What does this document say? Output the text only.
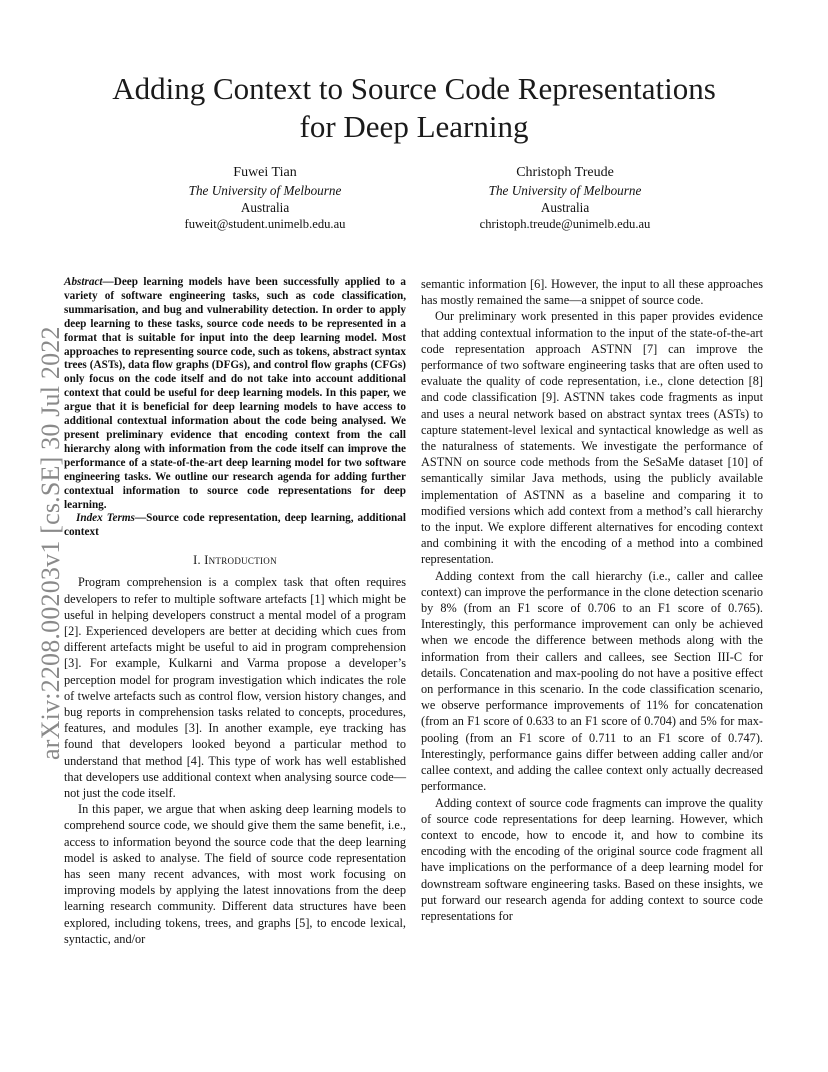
Adding Context to Source Code Representations
for Deep Learning
Fuwei Tian
The University of Melbourne
Australia
fuweit@student.unimelb.edu.au
Christoph Treude
The University of Melbourne
Australia
christoph.treude@unimelb.edu.au
arXiv:2208.00203v1 [cs.SE] 30 Jul 2022

Abstract—Deep learning models have been successfully applied to a variety of software engineering tasks, such as code classification, summarisation, and bug and vulnerability detection. In order to apply deep learning to these tasks, source code needs to be represented in a format that is suitable for input into the deep learning model. Most approaches to representing source code, such as tokens, abstract syntax trees (ASTs), data flow graphs (DFGs), and control flow graphs (CFGs) only focus on the code itself and do not take into account additional context that could be useful for deep learning models. In this paper, we argue that it is beneficial for deep learning models to have access to additional contextual information about the code being analysed. We present preliminary evidence that encoding context from the call hierarchy along with information from the code itself can improve the performance of a state-of-the-art deep learning model for two software engineering tasks. We outline our research agenda for adding further contextual information to source code representations for deep learning.

Index Terms—Source code representation, deep learning, additional context

I. Introduction

Program comprehension is a complex task that often requires developers to refer to multiple software artefacts [1] which might be useful in helping developers construct a mental model of a program [2]. Experienced developers are better at deciding which cues from different artefacts might be useful to aid in program comprehension [3]. For example, Kulkarni and Varma propose a developer’s perception model for program investigation which indicates the role of twelve artefacts such as control flow, version history changes, and bug reports in comprehension tasks related to concepts, procedures, features, and modules [3]. In another example, eye tracking has found that developers looked beyond a particular method to understand that method [4]. This type of work has well established that developers use additional context when analysing source code—not just the code itself.

In this paper, we argue that when asking deep learning models to comprehend source code, we should give them the same benefit, i.e., access to information beyond the source code that the deep learning model is asked to analyse. The field of source code representation has seen many recent advances, with most work focusing on improving models by applying the latest innovations from the deep learning research community. Different data structures have been explored, including tokens, trees, and graphs [5], to encode lexical, syntactic, and/or

semantic information [6]. However, the input to all these approaches has mostly remained the same—a snippet of source code.

Our preliminary work presented in this paper provides evidence that adding contextual information to the input of the state-of-the-art code representation approach ASTNN [7] can improve the performance of two software engineering tasks that are often used to evaluate the quality of code representation, i.e., clone detection [8] and code classification [9]. ASTNN takes code fragments as input and uses a neural network based on abstract syntax trees (ASTs) to capture statement-level lexical and syntactical knowledge as well as the naturalness of statements. We investigate the performance of ASTNN on source code methods from the SeSaMe dataset [10] of semantically similar Java methods, using the publicly available implementation of ASTNN as a baseline and comparing it to modified versions which add context from a method’s call hierarchy to the input. We explore different alternatives for encoding context and combining it with the encoding of a method into a combined representation.

Adding context from the call hierarchy (i.e., caller and callee context) can improve the performance in the clone detection scenario by 8% (from an F1 score of 0.706 to an F1 score of 0.765). Interestingly, this performance improvement can only be achieved when we encode the difference between methods along with the information from their callers and callees, see Section III-C for details. Concatenation and max-pooling do not have a positive effect on performance in this scenario. In the code classification scenario, we observe performance improvements of 11% for concatenation (from an F1 score of 0.633 to an F1 score of 0.704) and 5% for max-pooling (from an F1 score of 0.711 to an F1 score of 0.747). Interestingly, performance gains differ between adding caller and/or callee context, and adding the callee context only actually decreased performance.

Adding context of source code fragments can improve the quality of source code representations for deep learning. However, which context to encode, how to encode it, and how to combine its encoding with the encoding of the original source code fragment all have implications on the performance of a deep learning model for downstream software engineering tasks. Based on these insights, we put forward our research agenda for adding context to source code representations for
